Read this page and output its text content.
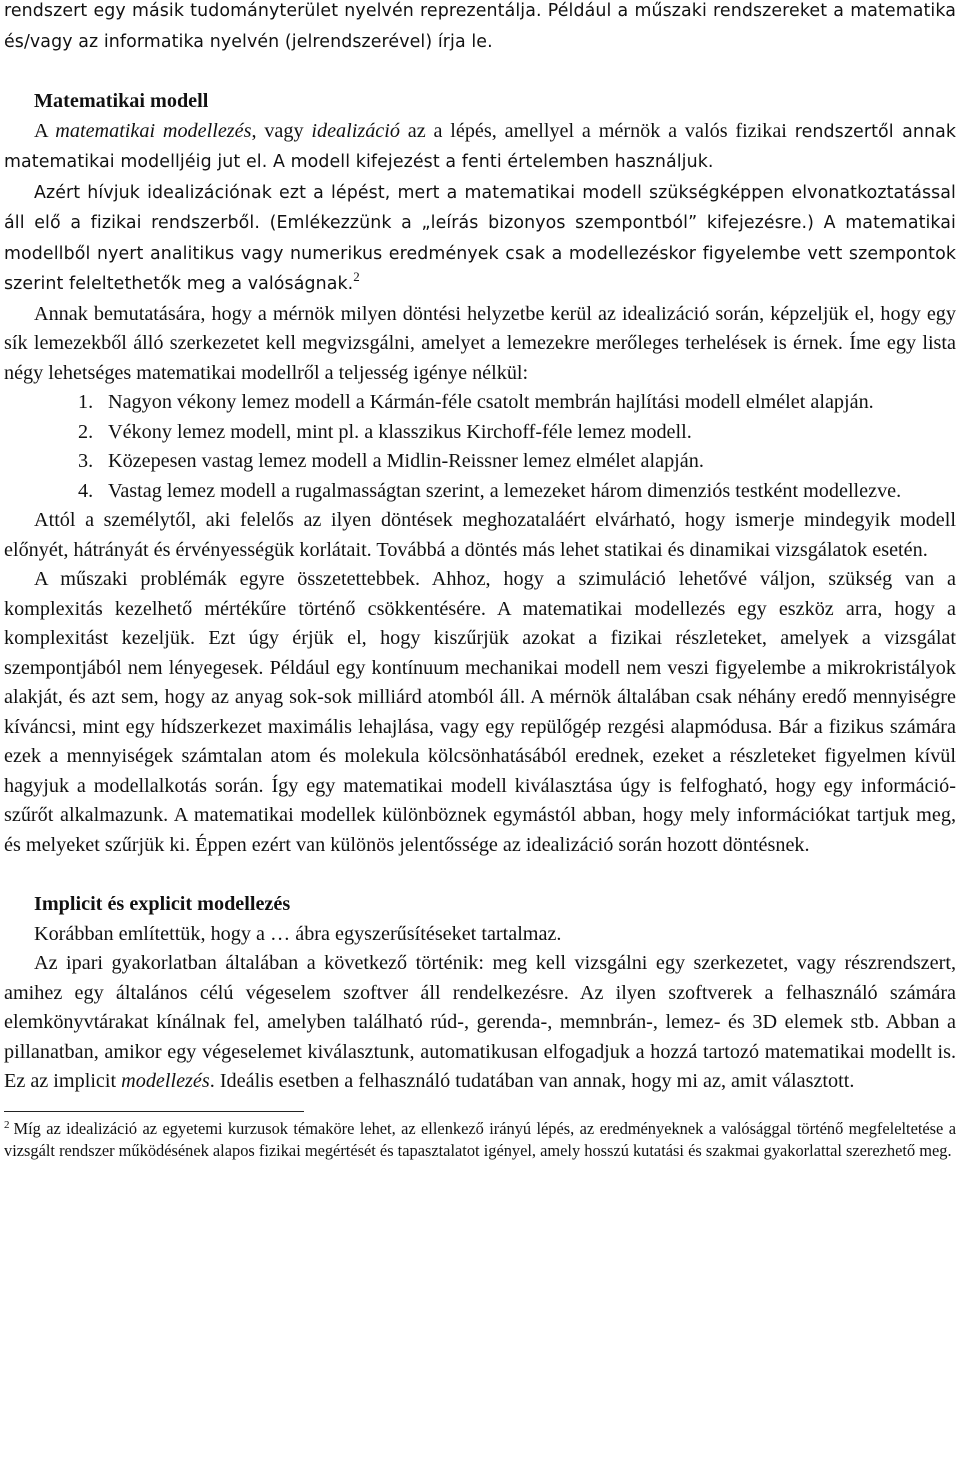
rendszert egy másik tudományterület nyelvén reprezentálja. Például a műszaki rendszereket a matematika és/vagy az informatika nyelvén (jelrendszerével) írja le.

Matematikai modell

A matematikai modellezés, vagy idealizáció az a lépés, amellyel a mérnök a valós fizikai rendszertől annak matematikai modelljéig jut el. A modell kifejezést a fenti értelemben használjuk.

Azért hívjuk idealizációnak ezt a lépést, mert a matematikai modell szükségképpen elvonatkoztatással áll elő a fizikai rendszerből. (Emlékezzünk a „leírás bizonyos szempontból” kifejezésre.) A matematikai modellből nyert analitikus vagy numerikus eredmények csak a modellezéskor figyelembe vett szempontok szerint feleltethetők meg a valóságnak.$^2$

Annak bemutatására, hogy a mérnök milyen döntési helyzetbe kerül az idealizáció során, képzeljük el, hogy egy sík lemezekből álló szerkezetet kell megvizsgálni, amelyet a lemezekre merőleges terhelések is érnek. Íme egy lista négy lehetséges matematikai modellről a teljesség igénye nélkül:

1. Nagyon vékony lemez modell a Kármán-féle csatolt membrán hajlítási modell elmélet alapján.
2. Vékony lemez modell, mint pl. a klasszikus Kirchoff-féle lemez modell.
3. Közepesen vastag lemez modell a Midlin-Reissner lemez elmélet alapján.
4. Vastag lemez modell a rugalmasságtan szerint, a lemezeket három dimenziós testként modellezve.

Attól a személytől, aki felelős az ilyen döntések meghozataláért elvárható, hogy ismerje mindegyik modell előnyét, hátrányát és érvényességük korlátait. Továbbá a döntés más lehet statikai és dinamikai vizsgálatok esetén.

A műszaki problémák egyre összetettebbek. Ahhoz, hogy a szimuláció lehetővé váljon, szükség van a komplexitás kezelhető mértékűre történő csökkentésére. A matematikai modellezés egy eszköz arra, hogy a komplexitást kezeljük. Ezt úgy érjük el, hogy kiszűrjük azokat a fizikai részleteket, amelyek a vizsgálat szempontjából nem lényegesek. Például egy kontínuum mechanikai modell nem veszi figyelembe a mikrokristályok alakját, és azt sem, hogy az anyag sok-sok milliárd atomból áll. A mérnök általában csak néhány eredő mennyiségre kíváncsi, mint egy hídszerkezet maximális lehajlása, vagy egy repülőgép rezgési alapmódusa. Bár a fizikus számára ezek a mennyiségek számtalan atom és molekula kölcsönhatásából erednek, ezeket a részleteket figyelmen kívül hagyjuk a modellalkotás során. Így egy matematikai modell kiválasztása úgy is felfogható, hogy egy információ-szűrőt alkalmazunk. A matematikai modellek különböznek egymástól abban, hogy mely információkat tartjuk meg, és melyeket szűrjük ki. Éppen ezért van különös jelentőssége az idealizáció során hozott döntésnek.

Implicit és explicit modellezés

Korábban említettük, hogy a … ábra egyszerűsítéseket tartalmaz.

Az ipari gyakorlatban általában a következő történik: meg kell vizsgálni egy szerkezetet, vagy részrendszert, amihez egy általános célú végeselem szoftver áll rendelkezésre. Az ilyen szoftverek a felhasználó számára elemkönyvtárakat kínálnak fel, amelyben található rúd-, gerenda-, memnbrán-, lemez- és 3D elemek stb. Abban a pillanatban, amikor egy végeselemet kiválasztunk, automatikusan elfogadjuk a hozzá tartozó matematikai modellt is. Ez az implicit modellezés. Ideális esetben a felhasználó tudatában van annak, hogy mi az, amit választott.

$^2$ Míg az idealizáció az egyetemi kurzusok témaköre lehet, az ellenkező irányú lépés, az eredményeknek a valósággal történő megfeleltetése a vizsgált rendszer működésének alapos fizikai megértését és tapasztalatot igényel, amely hosszú kutatási és szakmai gyakorlattal szerezhető meg.
